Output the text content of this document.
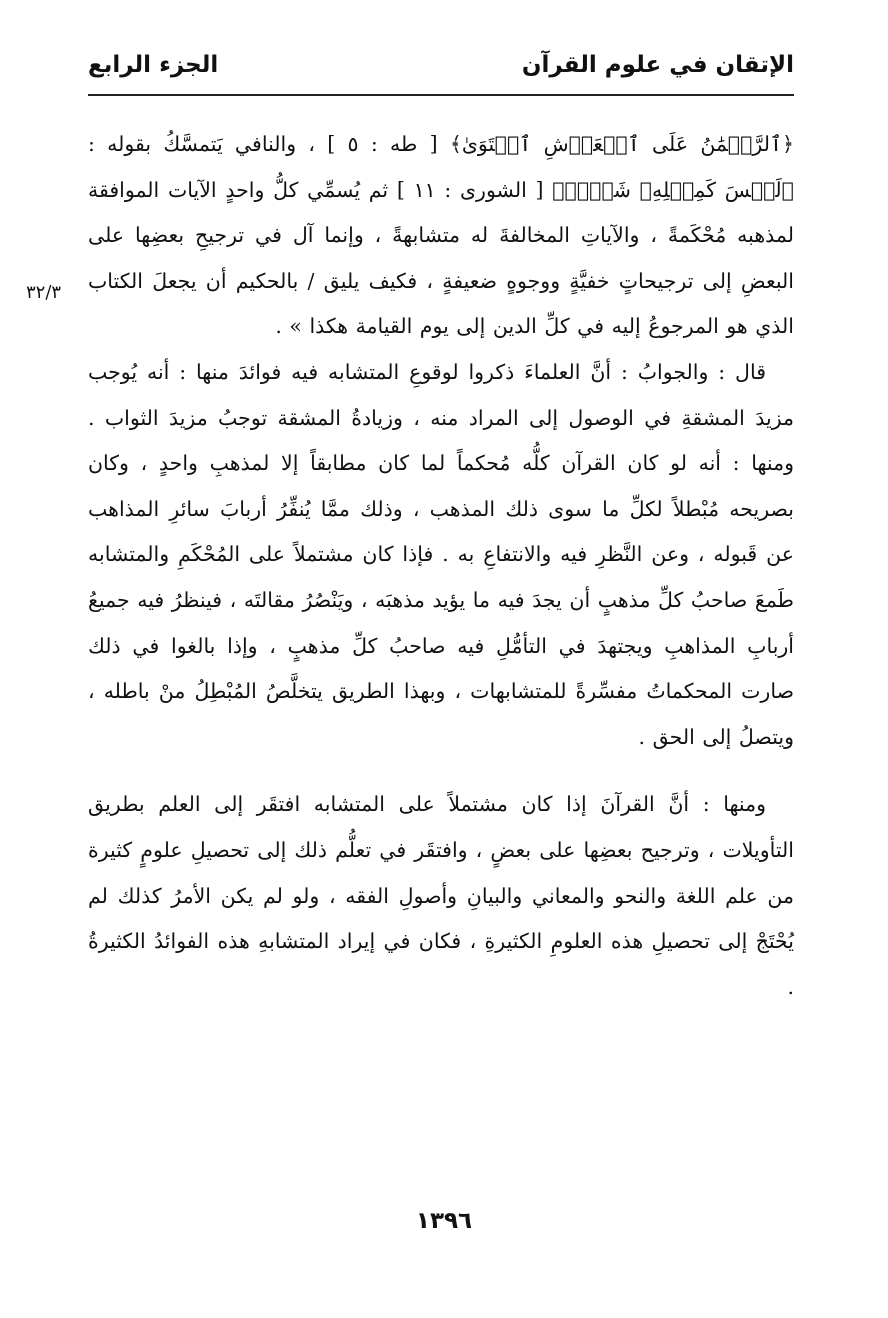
الإتقان في علوم القرآن
الجزء الرابع
٣٢/٣

﴿ٱلرَّحۡمَٰنُ عَلَى ٱلۡعَرۡشِ ٱسۡتَوَىٰ﴾ [ طه : ٥ ] ، والنافي يَتمسَّكُ بقوله : ﴿لَيۡسَ كَمِثۡلِهِۦ شَيۡءٞ﴾ [ الشورى : ١١ ] ثم يُسمِّي كلُّ واحدٍ الآيات الموافقة لمذهبه مُحْكَمةً ، والآياتِ المخالفةَ له متشابهةً ، وإنما آل في ترجيحِ بعضِها على البعضِ إلى ترجيحاتٍ خفيَّةٍ ووجوهٍ ضعيفةٍ ، فكيف يليق / بالحكيم أن يجعلَ الكتاب الذي هو المرجوعُ إليه في كلِّ الدين إلى يوم القيامة هكذا » .

قال : والجوابُ : أنَّ العلماءَ ذكروا لوقوعِ المتشابه فيه فوائدَ منها : أنه يُوجب مزيدَ المشقةِ في الوصول إلى المراد منه ، وزيادةُ المشقة توجبُ مزيدَ الثواب . ومنها : أنه لو كان القرآن كلُّه مُحكماً لما كان مطابقاً إلا لمذهبِ واحدٍ ، وكان بصريحه مُبْطلاً لكلِّ ما سوى ذلك المذهب ، وذلك ممَّا يُنفِّرُ أربابَ سائرِ المذاهب عن قَبوله ، وعن النَّظرِ فيه والانتفاعِ به . فإذا كان مشتملاً على المُحْكَمِ والمتشابه طَمعَ صاحبُ كلِّ مذهبٍ أن يجدَ فيه ما يؤيد مذهبَه ، ويَنْصُرُ مقالتَه ، فينظرُ فيه جميعُ أربابِ المذاهبِ ويجتهدَ في التأمُّلِ فيه صاحبُ كلِّ مذهبٍ ، وإذا بالغوا في ذلك صارت المحكماتُ مفسِّرةً للمتشابهات ، وبهذا الطريق يتخلَّصُ المُبْطِلُ منْ باطله ، ويتصلُ إلى الحق .

ومنها : أنَّ القرآنَ إذا كان مشتملاً على المتشابه افتقَر إلى العلم بطريق التأويلات ، وترجيح بعضِها على بعضٍ ، وافتقَر في تعلُّم ذلك إلى تحصيلِ علومٍ كثيرة من علم اللغة والنحو والمعاني والبيانِ وأصولِ الفقه ، ولو لم يكن الأمرُ كذلك لم يُحْتَجْ إلى تحصيلِ هذه العلومِ الكثيرةِ ، فكان في إيراد المتشابهِ هذه الفوائدُ الكثيرةُ .

١٣٩٦
